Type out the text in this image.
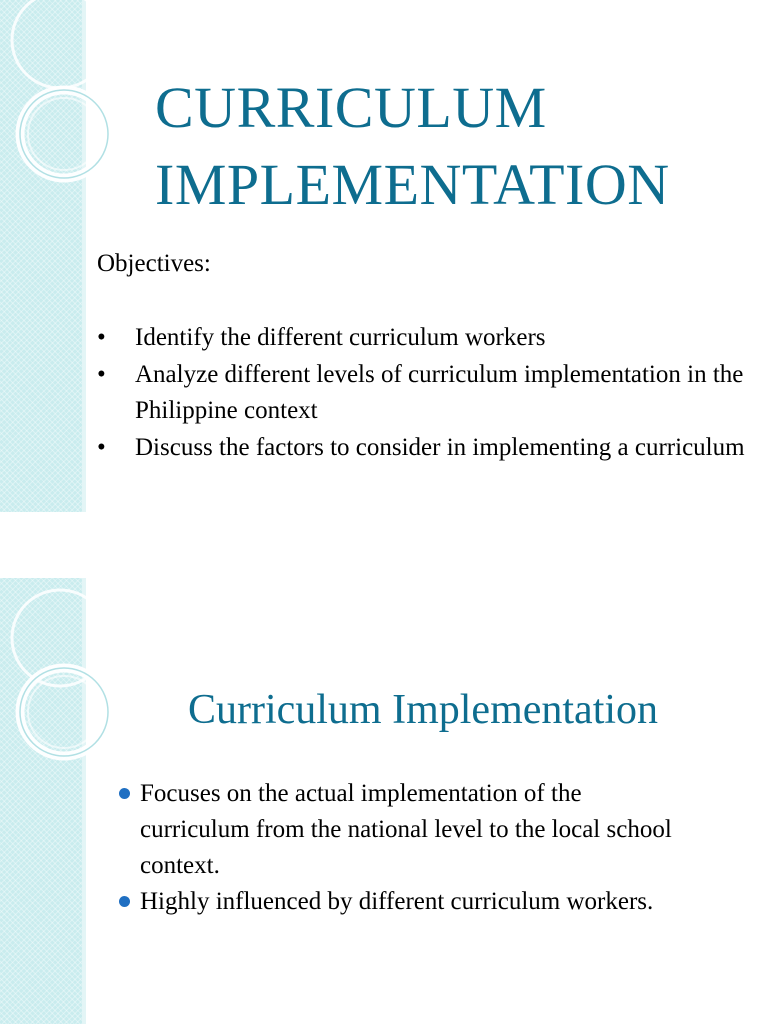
CURRICULUM IMPLEMENTATION
Objectives:
• Identify the different curriculum workers
• Analyze different levels of curriculum implementation in the Philippine context
• Discuss the factors to consider in implementing a curriculum
Curriculum Implementation
Focuses on the actual implementation of the curriculum from the national level to the local school context.
Highly influenced by different curriculum workers.
